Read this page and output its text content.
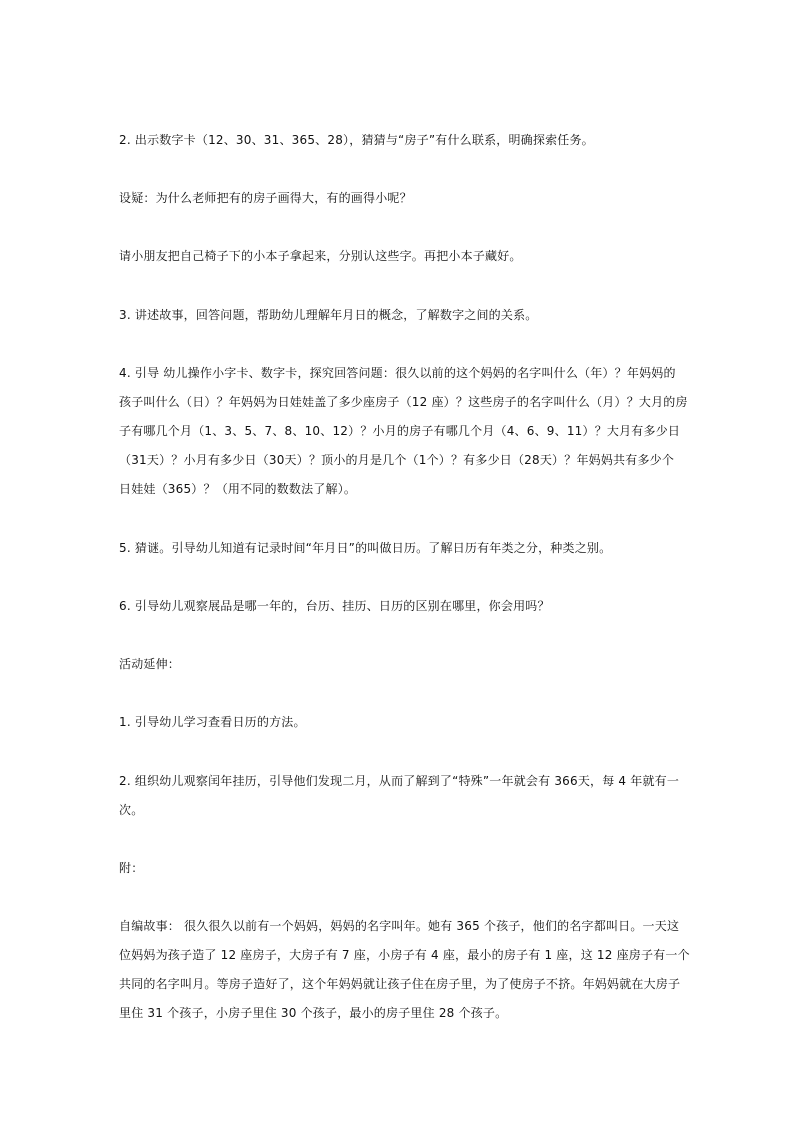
2. 出示数字卡（12、30、31、365、28），猜猜与“房子”有什么联系，明确探索任务。

设疑：为什么老师把有的房子画得大，有的画得小呢？

请小朋友把自己椅子下的小本子拿起来，分别认这些字。再把小本子藏好。

3. 讲述故事，回答问题，帮助幼儿理解年月日的概念，了解数字之间的关系。

4. 引导 幼儿操作小字卡、数字卡，探究回答问题：很久以前的这个妈妈的名字叫什么（年）？年妈妈的
孩子叫什么（日）？年妈妈为日娃娃盖了多少座房子（12 座）？这些房子的名字叫什么（月）？大月的房
子有哪几个月（1、3、5、7、8、10、12）？小月的房子有哪几个月（4、6、9、11）？大月有多少日
（31天）？小月有多少日（30天）？顶小的月是几个（1个）？有多少日（28天）？年妈妈共有多少个
日娃娃（365）？（用不同的数数法了解）。

5. 猜谜。引导幼儿知道有记录时间“年月日”的叫做日历。了解日历有年类之分，种类之别。

6. 引导幼儿观察展品是哪一年的，台历、挂历、日历的区别在哪里，你会用吗？

活动延伸：

1. 引导幼儿学习查看日历的方法。

2. 组织幼儿观察闰年挂历，引导他们发现二月，从而了解到了“特殊”一年就会有 366天，每 4 年就有一
次。

附：

自编故事： 很久很久以前有一个妈妈，妈妈的名字叫年。她有 365 个孩子，他们的名字都叫日。一天这
位妈妈为孩子造了 12 座房子，大房子有 7 座，小房子有 4 座，最小的房子有 1 座，这 12 座房子有一个
共同的名字叫月。等房子造好了，这个年妈妈就让孩子住在房子里，为了使房子不挤。年妈妈就在大房子
里住 31 个孩子，小房子里住 30 个孩子，最小的房子里住 28 个孩子。
